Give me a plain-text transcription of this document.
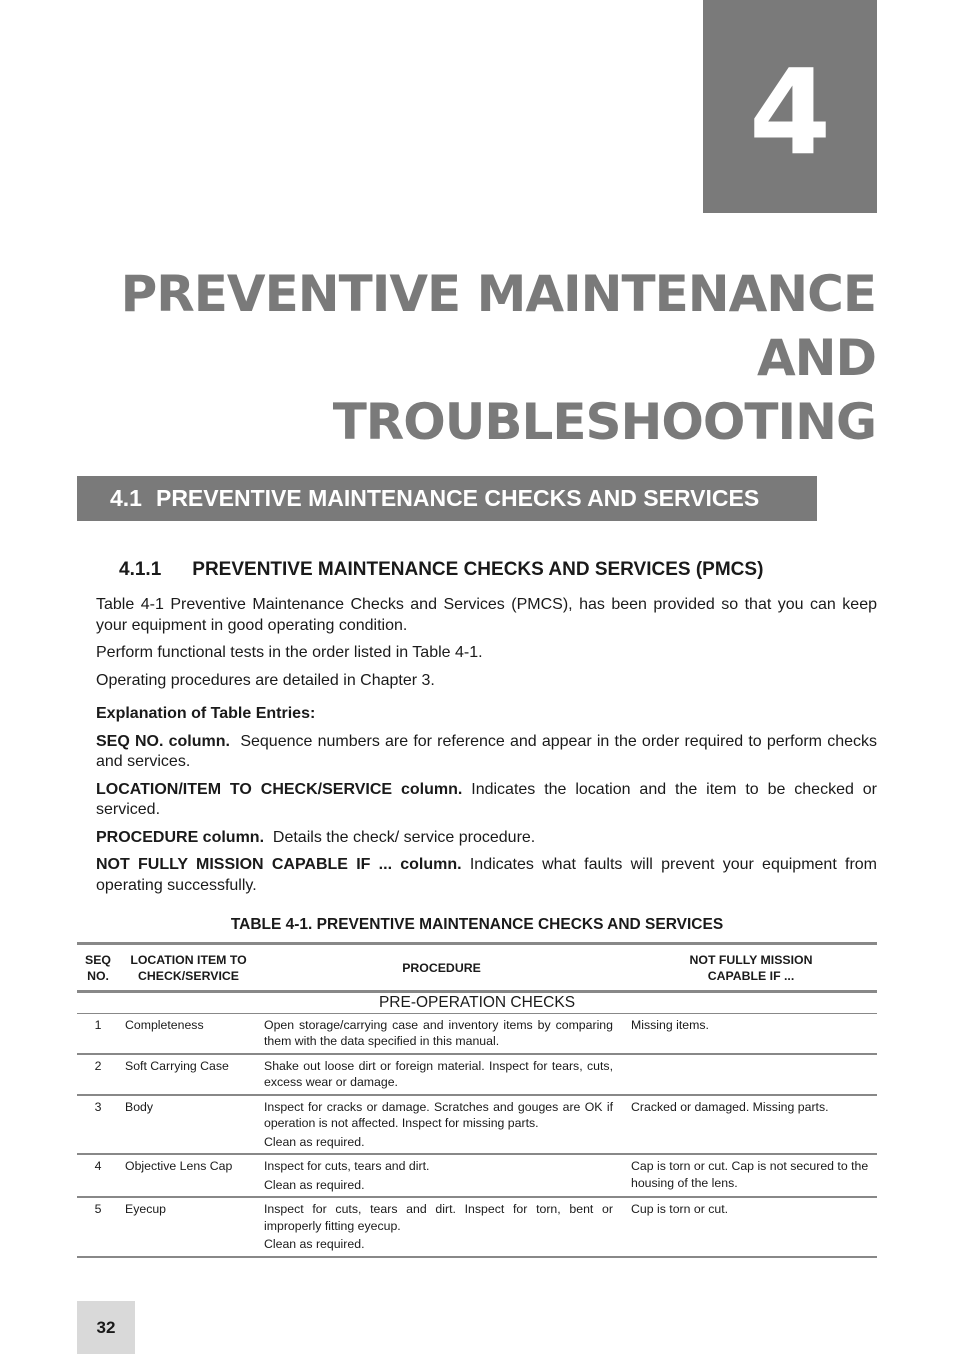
4
PREVENTIVE MAINTENANCE AND
TROUBLESHOOTING
4.1 PREVENTIVE MAINTENANCE CHECKS AND SERVICES
4.1.1 PREVENTIVE MAINTENANCE CHECKS AND SERVICES (PMCS)

Table 4-1 Preventive Maintenance Checks and Services (PMCS), has been provided so that you can keep your equipment in good operating condition.

Perform functional tests in the order listed in Table 4-1.

Operating procedures are detailed in Chapter 3.

Explanation of Table Entries:

SEQ NO. column. Sequence numbers are for reference and appear in the order required to perform checks and services.

LOCATION/ITEM TO CHECK/SERVICE column. Indicates the location and the item to be checked or serviced.

PROCEDURE column. Details the check/ service procedure.

NOT FULLY MISSION CAPABLE IF ... column. Indicates what faults will prevent your equipment from operating successfully.

TABLE 4-1. PREVENTIVE MAINTENANCE CHECKS AND SERVICES
SEQ
NO.	LOCATION ITEM TO
CHECK/SERVICE	PROCEDURE	NOT FULLY MISSION
CAPABLE IF ...
PRE-OPERATION CHECKS			
1	Completeness	Open storage/carrying case and inventory items by comparing them with the data specified in this manual.	Missing items.
2	Soft Carrying Case	Shake out loose dirt or foreign material. Inspect for tears, cuts, excess wear or damage.	

3	Body	Inspect for cracks or damage. Scratches and gouges are OK if operation is not affected. Inspect for missing parts.
Clean as required.	Cracked or damaged. Missing parts.
4	Objective Lens Cap	Inspect for cuts, tears and dirt.
Clean as required.	Cap is torn or cut. Cap is not secured to the housing of the lens.
5	Eyecup	Inspect for cuts, tears and dirt. Inspect for torn, bent or improperly fitting eyecup.
Clean as required.	Cup is torn or cut.
32
